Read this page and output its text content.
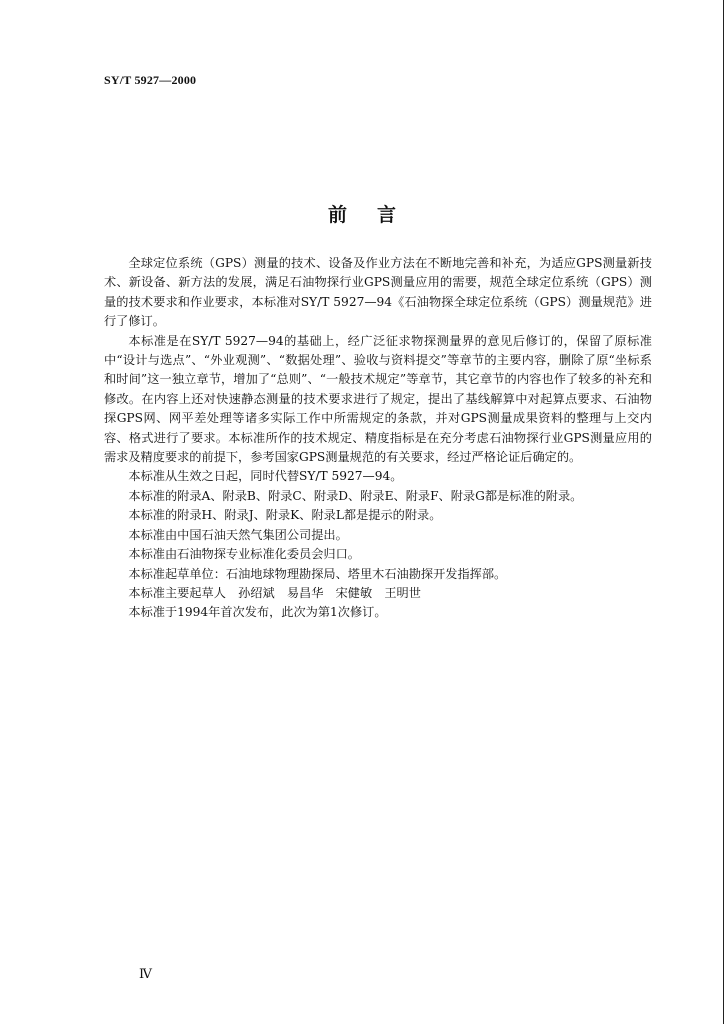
SY/T 5927—2000
前言

全球定位系统（GPS）测量的技术、设备及作业方法在不断地完善和补充，为适应GPS测量新技术、新设备、新方法的发展，满足石油物探行业GPS测量应用的需要，规范全球定位系统（GPS）测量的技术要求和作业要求，本标准对SY/T 5927—94《石油物探全球定位系统（GPS）测量规范》进行了修订。

本标准是在SY/T 5927—94的基础上，经广泛征求物探测量界的意见后修订的，保留了原标准中“设计与选点”、“外业观测”、“数据处理”、验收与资料提交”等章节的主要内容，删除了原“坐标系和时间”这一独立章节，增加了“总则”、“一般技术规定”等章节，其它章节的内容也作了较多的补充和修改。在内容上还对快速静态测量的技术要求进行了规定，提出了基线解算中对起算点要求、石油物探GPS网、网平差处理等诸多实际工作中所需规定的条款，并对GPS测量成果资料的整理与上交内容、格式进行了要求。本标准所作的技术规定、精度指标是在充分考虑石油物探行业GPS测量应用的需求及精度要求的前提下，参考国家GPS测量规范的有关要求，经过严格论证后确定的。

本标准从生效之日起，同时代替SY/T 5927—94。

本标准的附录A、附录B、附录C、附录D、附录E、附录F、附录G都是标准的附录。

本标准的附录H、附录J、附录K、附录L都是提示的附录。

本标准由中国石油天然气集团公司提出。

本标准由石油物探专业标准化委员会归口。

本标准起草单位：石油地球物理勘探局、塔里木石油勘探开发指挥部。

本标准主要起草人　孙绍斌　易昌华　宋健敏　王明世

本标准于1994年首次发布，此次为第1次修订。

Ⅳ
